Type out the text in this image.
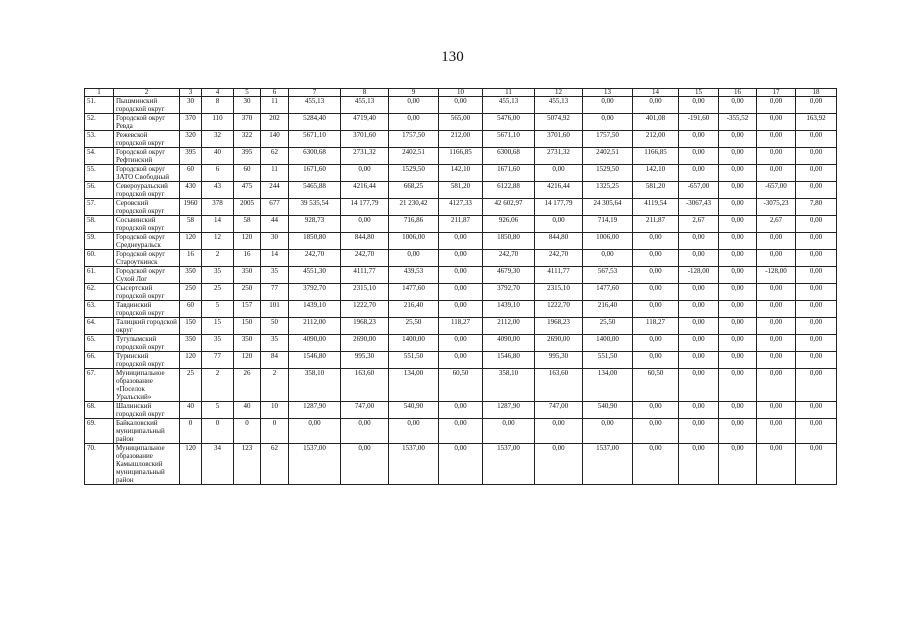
130
1	2	3	4	5	6	7	8	9	10	11	12	13	14	15	16	17	18
51.	Пышминский городской округ	30	8	30	11	455,13	455,13	0,00	0,00	455,13	455,13	0,00	0,00	0,00	0,00	0,00	0,00
52.	Городской округ Ревда	370	110	370	202	5284,40	4719,40	0,00	565,00	5476,00	5074,92	0,00	401,08	-191,60	-355,52	0,00	163,92
53.	Режевской городской округ	320	32	322	140	5671,10	3701,60	1757,50	212,00	5671,10	3701,60	1757,50	212,00	0,00	0,00	0,00	0,00
54.	Городской округ Рефтинский	395	40	395	62	6300,68	2731,32	2402,51	1166,85	6300,68	2731,32	2402,51	1166,85	0,00	0,00	0,00	0,00
55.	Городской округ ЗАТО Свободный	60	6	60	11	1671,60	0,00	1529,50	142,10	1671,60	0,00	1529,50	142,10	0,00	0,00	0,00	0,00
56.	Североуральский городской округ	430	43	475	244	5465,88	4216,44	668,25	581,20	6122,88	4216,44	1325,25	581,20	-657,00	0,00	-657,00	0,00
57.	Серовский городской округ	1960	378	2005	677	39 535,54	14 177,79	21 230,42	4127,33	42 602,97	14 177,79	24 305,64	4119,54	-3067,43	0,00	-3075,23	7,80
58.	Сосьвинский городской округ	58	14	58	44	928,73	0,00	716,86	211,87	926,06	0,00	714,19	211,87	2,67	0,00	2,67	0,00
59.	Городской округ Среднеуральск	120	12	120	30	1850,80	844,80	1006,00	0,00	1850,80	844,80	1006,00	0,00	0,00	0,00	0,00	0,00
60.	Городской округ Староуткинск	16	2	16	14	242,70	242,70	0,00	0,00	242,70	242,70	0,00	0,00	0,00	0,00	0,00	0,00
61.	Городской округ Сухой Лог	350	35	350	35	4551,30	4111,77	439,53	0,00	4679,30	4111,77	567,53	0,00	-128,00	0,00	-128,00	0,00
62.	Сысертский городской округ	250	25	250	77	3792,70	2315,10	1477,60	0,00	3792,70	2315,10	1477,60	0,00	0,00	0,00	0,00	0,00
63.	Тавдинский городской округ	60	5	157	101	1439,10	1222,70	216,40	0,00	1439,10	1222,70	216,40	0,00	0,00	0,00	0,00	0,00
64.	Талицкий городской округ	150	15	150	50	2112,00	1968,23	25,50	118,27	2112,00	1968,23	25,50	118,27	0,00	0,00	0,00	0,00
65.	Тугулымский городской округ	350	35	350	35	4090,00	2690,00	1400,00	0,00	4090,00	2690,00	1400,00	0,00	0,00	0,00	0,00	0,00
66.	Туринский городской округ	120	77	120	84	1546,80	995,30	551,50	0,00	1546,80	995,30	551,50	0,00	0,00	0,00	0,00	0,00
67.	Муниципальное образование «Поселок Уральский»	25	2	26	2	358,10	163,60	134,00	60,50	358,10	163,60	134,00	60,50	0,00	0,00	0,00	0,00
68.	Шалинский городской округ	40	5	40	10	1287,90	747,00	540,90	0,00	1287,90	747,00	540,90	0,00	0,00	0,00	0,00	0,00
69.	Байкаловский муниципальный район	0	0	0	0	0,00	0,00	0,00	0,00	0,00	0,00	0,00	0,00	0,00	0,00	0,00	0,00
70.	Муниципальное образование Камышловский муниципальный район	120	34	123	62	1537,00	0,00	1537,00	0,00	1537,00	0,00	1537,00	0,00	0,00	0,00	0,00	0,00
